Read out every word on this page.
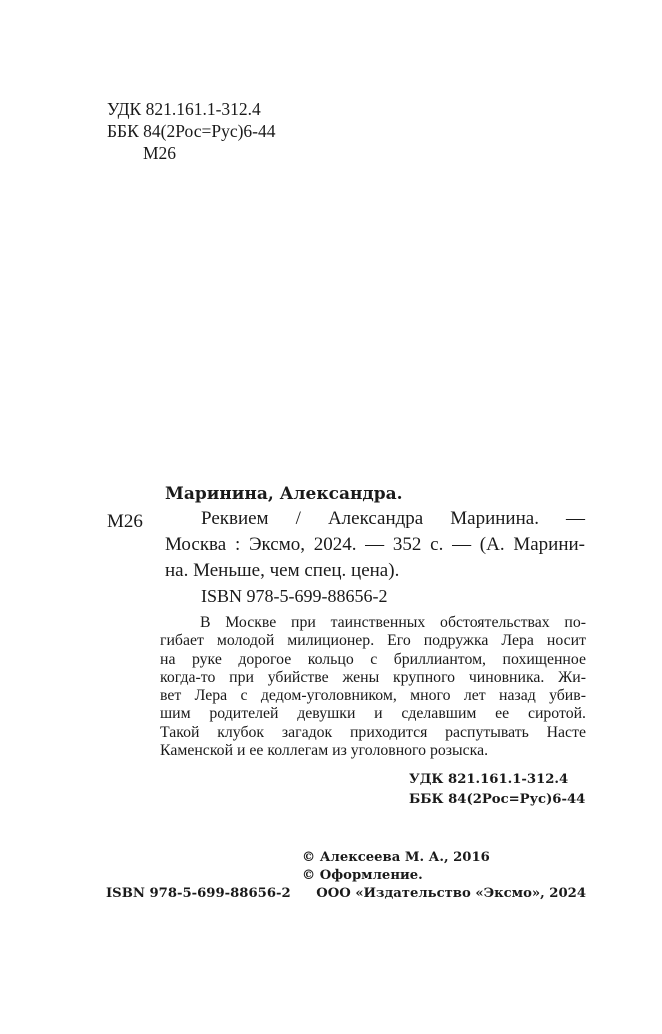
УДК 821.161.1-312.4
ББК 84(2Рос=Рус)6-44
М26
Маринина, Александра.
М26	Реквием / Александра Маринина. —
Москва : Эксмо, 2024. — 352 с. — (А. Марини-
на. Меньше, чем спец. цена).
ISBN 978-5-699-88656-2
В Москве при таинственных обстоятельствах по-
гибает молодой милиционер. Его подружка Лера носит
на руке дорогое кольцо с бриллиантом, похищенное
когда-то при убийстве жены крупного чиновника. Жи-
вет Лера с дедом-уголовником, много лет назад убив-
шим родителей девушки и сделавшим ее сиротой.
Такой клубок загадок приходится распутывать Насте
Каменской и ее коллегам из уголовного розыска.
УДК 821.161.1-312.4
ББК 84(2Рос=Рус)6-44
© Алексеева М. А., 2016
© Оформление.
ООО «Издательство «Эксмо», 2024
ISBN 978-5-699-88656-2
